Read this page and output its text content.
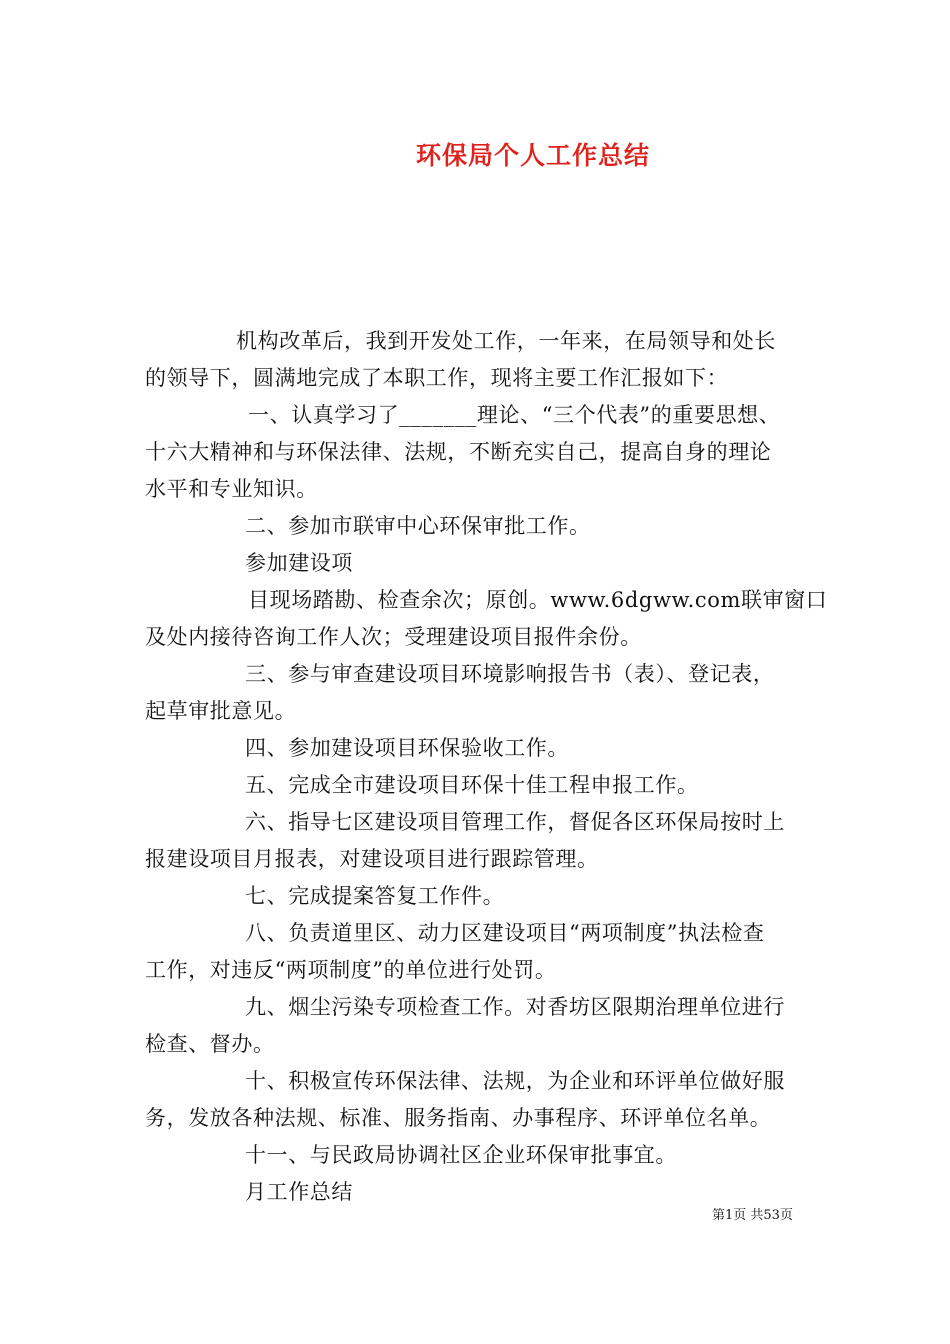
环保局个人工作总结
机构改革后，我到开发处工作，一年来，在局领导和处长
的领导下，圆满地完成了本职工作，现将主要工作汇报如下：
一、认真学习了_______理论、“三个代表”的重要思想、
十六大精神和与环保法律、法规，不断充实自己，提高自身的理论
水平和专业知识。
二、参加市联审中心环保审批工作。
参加建设项
目现场踏勘、检查余次；原创。www.6dgww.com联审窗口
及处内接待咨询工作人次；受理建设项目报件余份。
三、参与审查建设项目环境影响报告书（表）、登记表，
起草审批意见。
四、参加建设项目环保验收工作。
五、完成全市建设项目环保十佳工程申报工作。
六、指导七区建设项目管理工作，督促各区环保局按时上
报建设项目月报表，对建设项目进行跟踪管理。
七、完成提案答复工作件。
八、负责道里区、动力区建设项目“两项制度”执法检查
工作，对违反“两项制度”的单位进行处罚。
九、烟尘污染专项检查工作。对香坊区限期治理单位进行
检查、督办。
十、积极宣传环保法律、法规，为企业和环评单位做好服
务，发放各种法规、标准、服务指南、办事程序、环评单位名单。
十一、与民政局协调社区企业环保审批事宜。
月工作总结
第1页 共53页
